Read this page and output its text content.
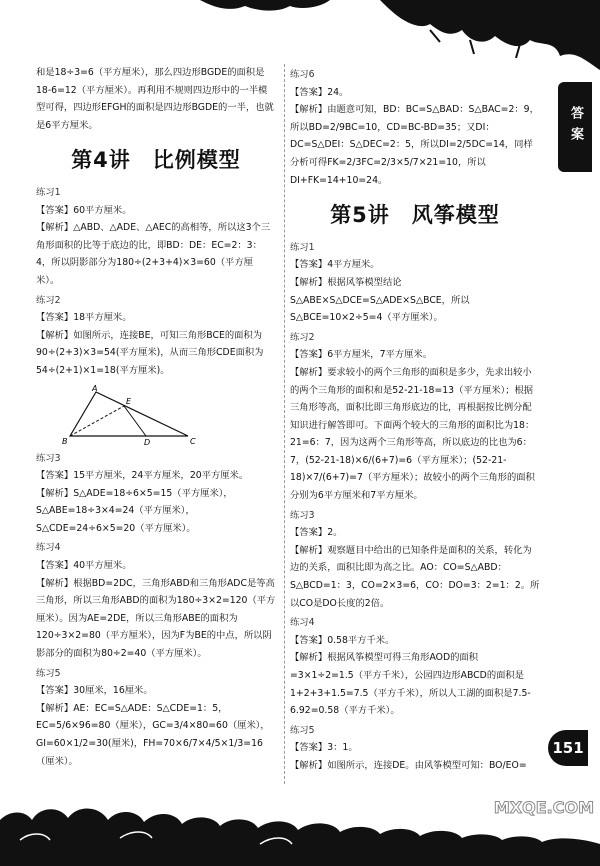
答案

和是18÷3=6（平方厘米），那么四边形BGDE的面积是18-6=12（平方厘米）。再利用不规则四边形中的一半模型可得，四边形EFGH的面积是四边形BGDE的一半，也就是6平方厘米。

第4讲　比例模型
练习1

【答案】60平方厘米。

【解析】△ABD、△ADE、△AEC的高相等，所以这3个三角形面积的比等于底边的比，即BD：DE：EC=2：3：4，所以阴影部分为180÷(2+3+4)×3=60（平方厘米）。

练习2

【答案】18平方厘米。

【解析】如图所示，连接BE，可知三角形BCE的面积为90÷(2+3)×3=54(平方厘米)，从而三角形CDE面积为54÷(2+1)×1=18(平方厘米)。

A
E
B	D	C
练习3

【答案】15平方厘米，24平方厘米，20平方厘米。

【解析】S△ADE=18÷6×5=15（平方厘米），S△ABE=18÷3×4=24（平方厘米），S△CDE=24÷6×5=20（平方厘米）。

练习4

【答案】40平方厘米。

【解析】根据BD=2DC，三角形ABD和三角形ADC是等高三角形，所以三角形ABD的面积为180÷3×2=120（平方厘米）。因为AE=2DE，所以三角形ABE的面积为120÷3×2=80（平方厘米），因为F为BE的中点，所以阴影部分的面积为80÷2=40（平方厘米）。

练习5

【答案】30厘米，16厘米。

【解析】AE：EC=S△ADE：S△CDE=1：5，EC=5/6×96=80（厘米），GC=3/4×80=60（厘米），GI=60×1/2=30(厘米)，FH=70×6/7×4/5×1/3=16（厘米）。

练习6

【答案】24。

【解析】由题意可知，BD：BC=S△BAD：S△BAC=2：9，所以BD=2/9BC=10，CD=BC-BD=35；又DI：DC=S△DEI：S△DEC=2：5，所以DI=2/5DC=14，同样分析可得FK=2/3FC=2/3×5/7×21=10，所以DI+FK=14+10=24。

第5讲　风筝模型
练习1

【答案】4平方厘米。

【解析】根据风筝模型结论S△ABE×S△DCE=S△ADE×S△BCE，所以S△BCE=10×2÷5=4（平方厘米）。

练习2

【答案】6平方厘米，7平方厘米。

【解析】要求较小的两个三角形的面积是多少，先求出较小的两个三角形的面积和是52-21-18=13（平方厘米）；根据三角形等高，面积比即三角形底边的比，再根据按比例分配知识进行解答即可。下面两个较大的三角形的面积比为18：21=6：7，因为这两个三角形等高，所以底边的比也为6：7，(52-21-18)×6/(6+7)=6（平方厘米）；(52-21-18)×7/(6+7)=7（平方厘米）；故较小的两个三角形的面积分别为6平方厘米和7平方厘米。

练习3

【答案】2。

【解析】观察题目中给出的已知条件是面积的关系，转化为边的关系，面积比即为高之比。AO：CO=S△ABD：S△BCD=1：3，CO=2×3=6，CO：DO=3：2=1：2。所以CO是DO长度的2倍。

练习4

【答案】0.58平方千米。

【解析】根据风筝模型可得三角形AOD的面积=3×1÷2=1.5（平方千米），公园四边形ABCD的面积是1+2+3+1.5=7.5（平方千米），所以人工湖的面积是7.5-6.92=0.58（平方千米）。

练习5

【答案】3：1。

【解析】如图所示，连接DE。由风筝模型可知：BO/EO=

151
MXQE.COM
